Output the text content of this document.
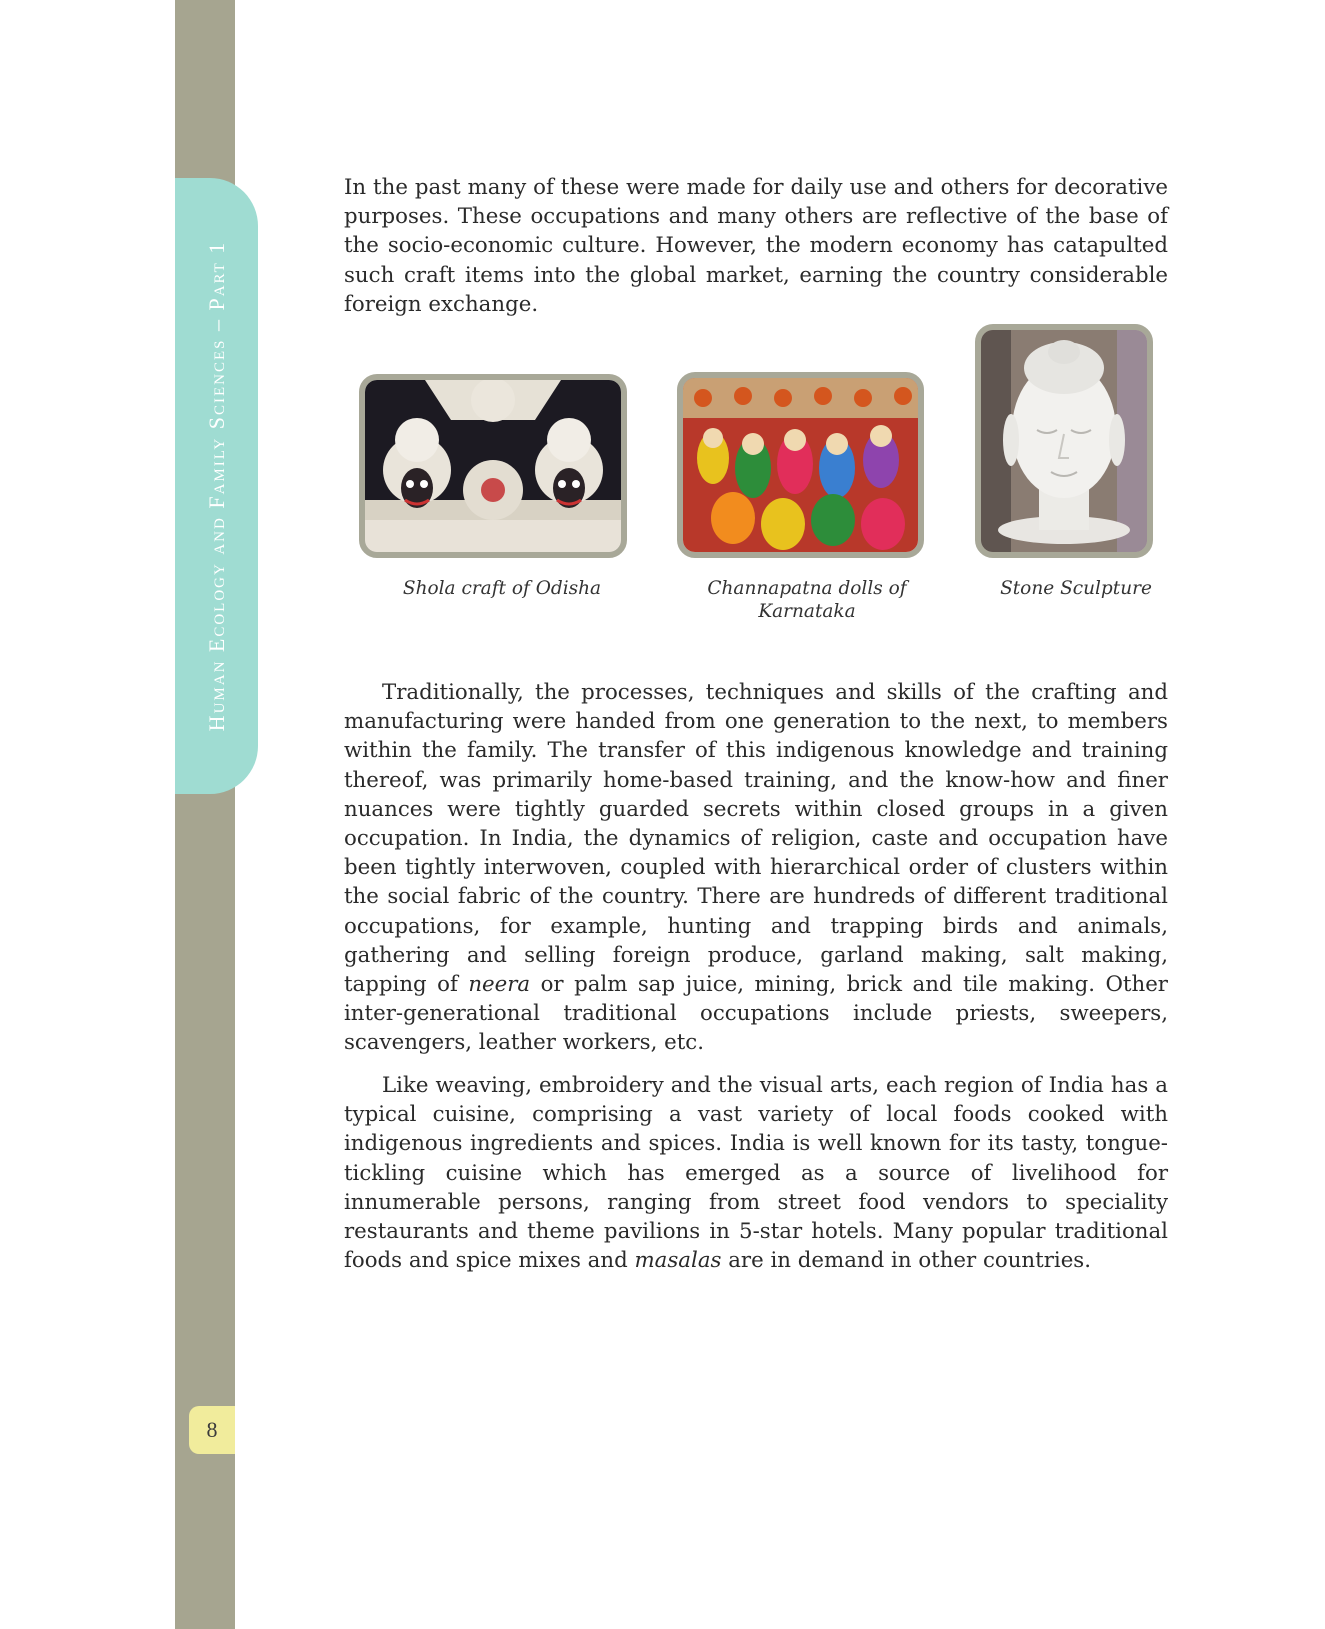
Human Ecology and Family Sciences – Part 1
8

In the past many of these were made for daily use and others for decorative purposes. These occupations and many others are reflective of the base of the socio-economic culture. However, the modern economy has catapulted such craft items into the global market, earning the country considerable foreign exchange.

Shola craft of Odisha	Channapatna dolls of
Karnataka
Stone Sculpture

Traditionally, the processes, techniques and skills of the crafting and manufacturing were handed from one generation to the next, to members within the family. The transfer of this indigenous knowledge and training thereof, was primarily home-based training, and the know-how and finer nuances were tightly guarded secrets within closed groups in a given occupation. In India, the dynamics of religion, caste and occupation have been tightly interwoven, coupled with hierarchical order of clusters within the social fabric of the country. There are hundreds of different traditional occupations, for example, hunting and trapping birds and animals, gathering and selling foreign produce, garland making, salt making, tapping of neera or palm sap juice, mining, brick and tile making. Other inter-generational traditional occupations include priests, sweepers, scavengers, leather workers, etc.

Like weaving, embroidery and the visual arts, each region of India has a typical cuisine, comprising a vast variety of local foods cooked with indigenous ingredients and spices. India is well known for its tasty, tongue-tickling cuisine which has emerged as a source of livelihood for innumerable persons, ranging from street food vendors to speciality restaurants and theme pavilions in 5-star hotels. Many popular traditional foods and spice mixes and masalas are in demand in other countries.
